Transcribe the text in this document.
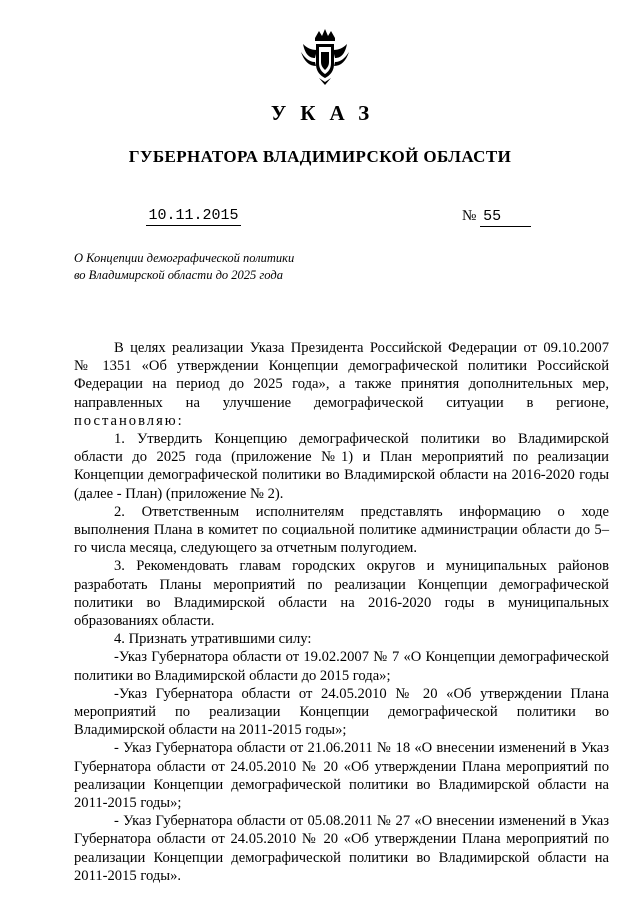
УКАЗ
ГУБЕРНАТОРА ВЛАДИМИРСКОЙ ОБЛАСТИ
10.11.2015	№ 55
О Концепции демографической политики
во Владимирской области до 2025 года

В целях реализации Указа Президента Российской Федерации от 09.10.2007 № 1351 «Об утверждении Концепции демографической политики Российской Федерации на период до 2025 года», а также принятия дополнительных мер, направленных на улучшение демографической ситуации в регионе, постановляю:

1. Утвердить Концепцию демографической политики во Владимирской области до 2025 года (приложение №1) и План мероприятий по реализации Концепции демографической политики во Владимирской области на 2016-2020 годы (далее - План) (приложение № 2).

2. Ответственным исполнителям представлять информацию о ходе выполнения Плана в комитет по социальной политике администрации области до 5–го числа месяца, следующего за отчетным полугодием.

3. Рекомендовать главам городских округов и муниципальных районов разработать Планы мероприятий по реализации Концепции демографической политики во Владимирской области на 2016-2020 годы в муниципальных образованиях области.

4. Признать утратившими силу:

-Указ Губернатора области от 19.02.2007 № 7 «О Концепции демографической политики во Владимирской области до 2015 года»;

-Указ Губернатора области от 24.05.2010 № 20 «Об утверждении Плана мероприятий по реализации Концепции демографической политики во Владимирской области на 2011-2015 годы»;

- Указ Губернатора области от 21.06.2011 № 18 «О внесении изменений в Указ Губернатора области от 24.05.2010 № 20 «Об утверждении Плана мероприятий по реализации Концепции демографической политики во Владимирской области на 2011-2015 годы»;

- Указ Губернатора области от 05.08.2011 № 27 «О внесении изменений в Указ Губернатора области от 24.05.2010 № 20 «Об утверждении Плана мероприятий по реализации Концепции демографической политики во Владимирской области на 2011-2015 годы».
